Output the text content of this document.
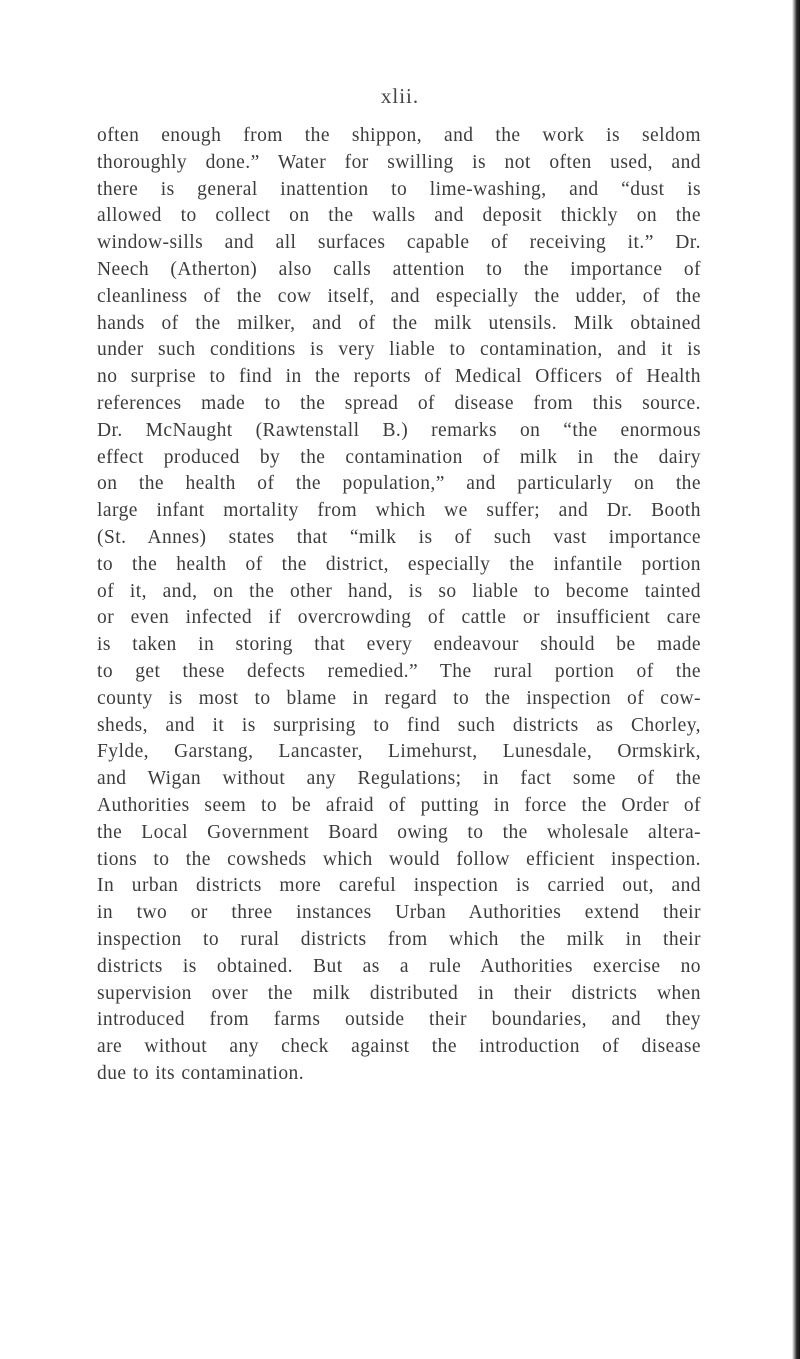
xlii.

often enough from the shippon, and the work is seldom
thoroughly done.” Water for swilling is not often used, and
there is general inattention to lime-washing, and “dust is
allowed to collect on the walls and deposit thickly on the
window-sills and all surfaces capable of receiving it.” Dr.
Neech (Atherton) also calls attention to the importance of
cleanliness of the cow itself, and especially the udder, of the
hands of the milker, and of the milk utensils. Milk obtained
under such conditions is very liable to contamination, and it is
no surprise to find in the reports of Medical Officers of Health
references made to the spread of disease from this source.
Dr. McNaught (Rawtenstall B.) remarks on “the enormous
effect produced by the contamination of milk in the dairy
on the health of the population,” and particularly on the
large infant mortality from which we suffer; and Dr. Booth
(St. Annes) states that “milk is of such vast importance
to the health of the district, especially the infantile portion
of it, and, on the other hand, is so liable to become tainted
or even infected if overcrowding of cattle or insufficient care
is taken in storing that every endeavour should be made
to get these defects remedied.” The rural portion of the
county is most to blame in regard to the inspection of cow-
sheds, and it is surprising to find such districts as Chorley,
Fylde, Garstang, Lancaster, Limehurst, Lunesdale, Ormskirk,
and Wigan without any Regulations; in fact some of the
Authorities seem to be afraid of putting in force the Order of
the Local Government Board owing to the wholesale altera-
tions to the cowsheds which would follow efficient inspection.
In urban districts more careful inspection is carried out, and
in two or three instances Urban Authorities extend their
inspection to rural districts from which the milk in their
districts is obtained. But as a rule Authorities exercise no
supervision over the milk distributed in their districts when
introduced from farms outside their boundaries, and they
are without any check against the introduction of disease
due to its contamination.
